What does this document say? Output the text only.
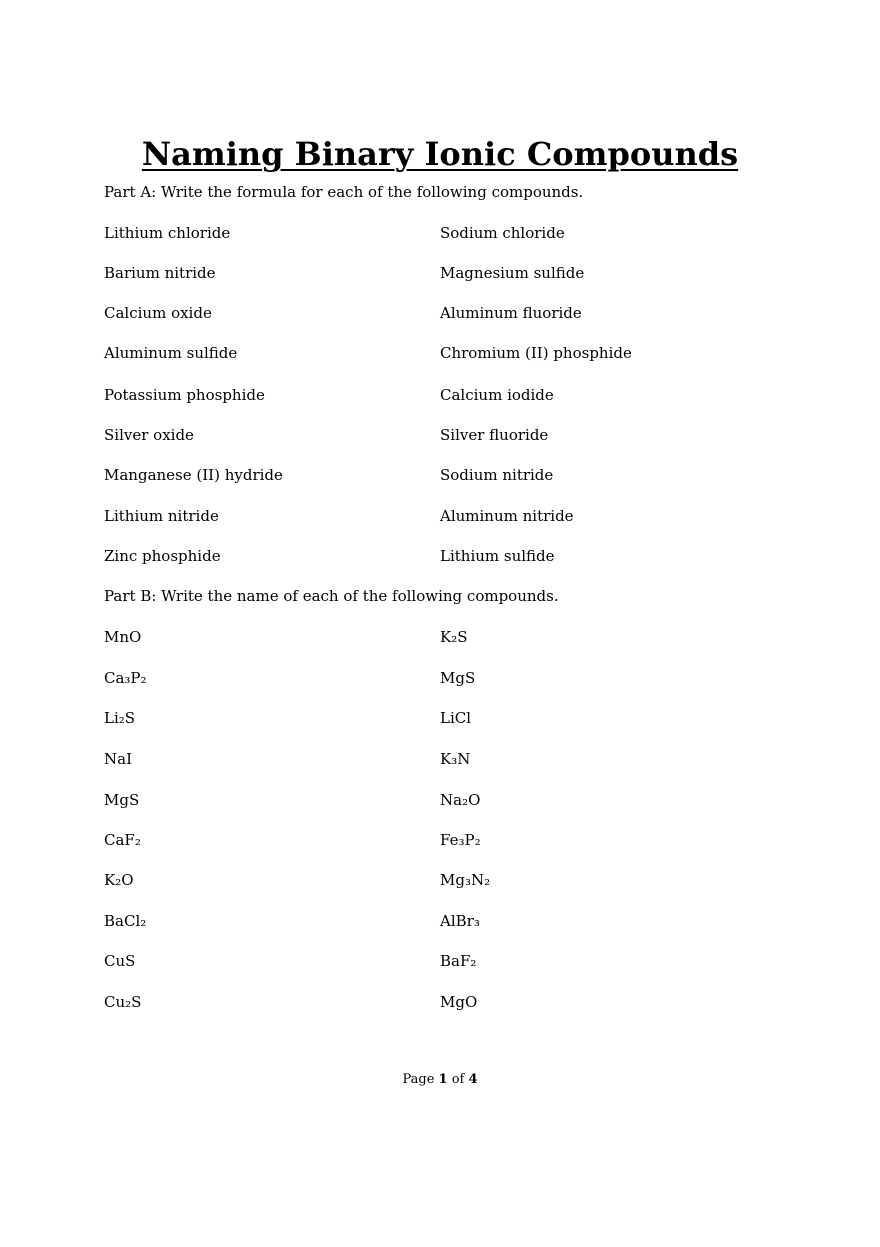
Naming Binary Ionic Compounds

Part A: Write the formula for each of the following compounds.

Lithium chloride
Barium nitride
Calcium oxide
Aluminum sulfide
Potassium phosphide
Silver oxide
Manganese (II) hydride
Lithium nitride
Zinc phosphide
Sodium chloride
Magnesium sulfide
Aluminum fluoride
Chromium (II) phosphide
Calcium iodide
Silver fluoride
Sodium nitride
Aluminum nitride
Lithium sulfide

Part B: Write the name of each of the following compounds.

MnO
Ca₃P₂
Li₂S
NaI
MgS
CaF₂
K₂O
BaCl₂
CuS
Cu₂S
K₂S
MgS
LiCl
K₃N
Na₂O
Fe₃P₂
Mg₃N₂
AlBr₃
BaF₂
MgO
Page 1 of 4
